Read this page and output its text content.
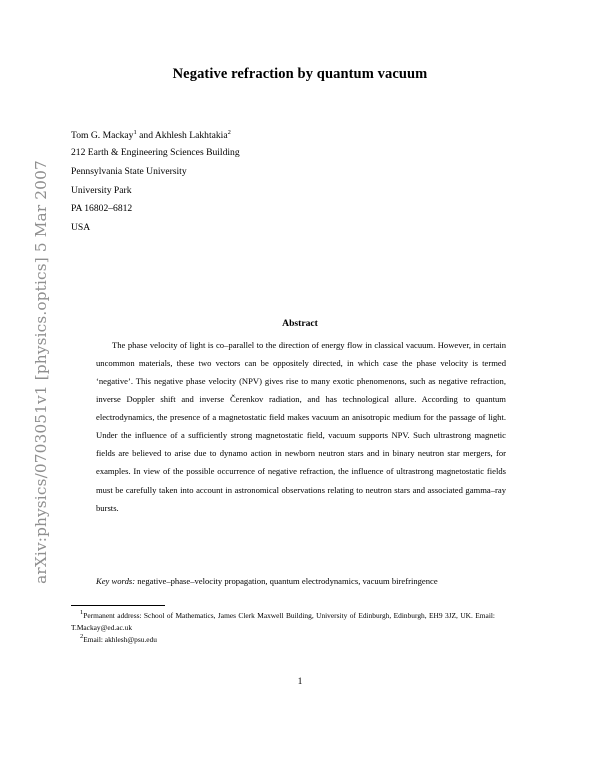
arXiv:physics/0703051v1 [physics.optics] 5 Mar 2007
Negative refraction by quantum vacuum
Tom G. Mackay$^1$ and Akhlesh Lakhtakia$^2$
212 Earth & Engineering Sciences Building
Pennsylvania State University
University Park
PA 16802–6812
USA
Abstract

The phase velocity of light is co–parallel to the direction of energy flow in classical vacuum. However, in certain uncommon materials, these two vectors can be oppositely directed, in which case the phase velocity is termed ‘negative’. This negative phase velocity (NPV) gives rise to many exotic phenomenons, such as negative refraction, inverse Doppler shift and inverse Čerenkov radiation, and has technological allure. According to quantum electrodynamics, the presence of a magnetostatic field makes vacuum an anisotropic medium for the passage of light. Under the influence of a sufficiently strong magnetostatic field, vacuum supports NPV. Such ultrastrong magnetic fields are believed to arise due to dynamo action in newborn neutron stars and in binary neutron star mergers, for examples. In view of the possible occurrence of negative refraction, the influence of ultrastrong magnetostatic fields must be carefully taken into account in astronomical observations relating to neutron stars and associated gamma–ray bursts.

Key words: negative–phase–velocity propagation, quantum electrodynamics, vacuum birefringence

$^1$Permanent address: School of Mathematics, James Clerk Maxwell Building, University of Edinburgh, Edinburgh, EH9 3JZ, UK. Email: T.Mackay@ed.ac.uk

$^2$Email: akhlesh@psu.edu
1
